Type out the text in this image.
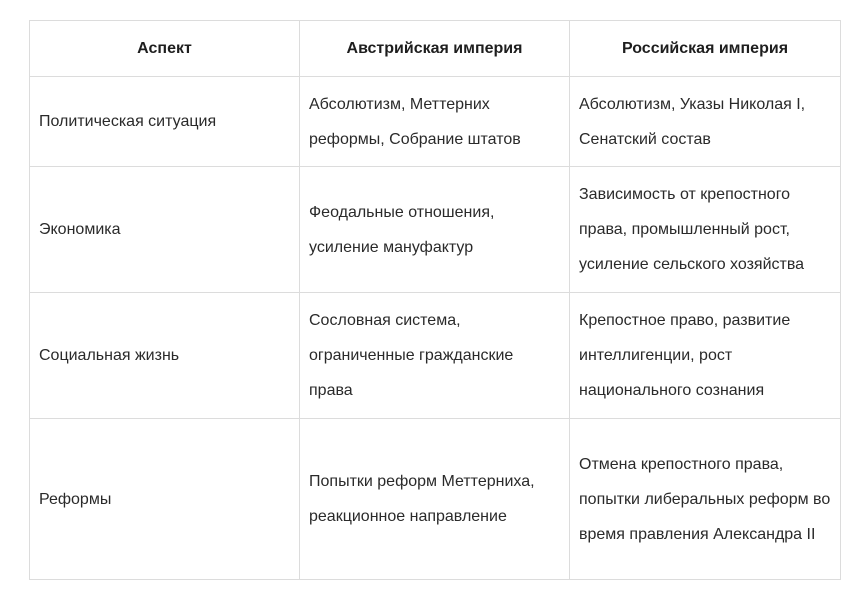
Аспект	Австрийская империя	Российская империя
Политическая ситуация	Абсолютизм, Меттерних реформы, Собрание штатов	Абсолютизм, Указы Николая I, Сенатский состав
Экономика	Феодальные отношения, усиление мануфактур	Зависимость от крепостного права, промышленный рост, усиление сельского хозяйства
Социальная жизнь	Сословная система, ограниченные гражданские права	Крепостное право, развитие интеллигенции, рост национального сознания
Реформы	Попытки реформ Меттерниха, реакционное направление	Отмена крепостного права, попытки либеральных реформ во время правления Александра II
